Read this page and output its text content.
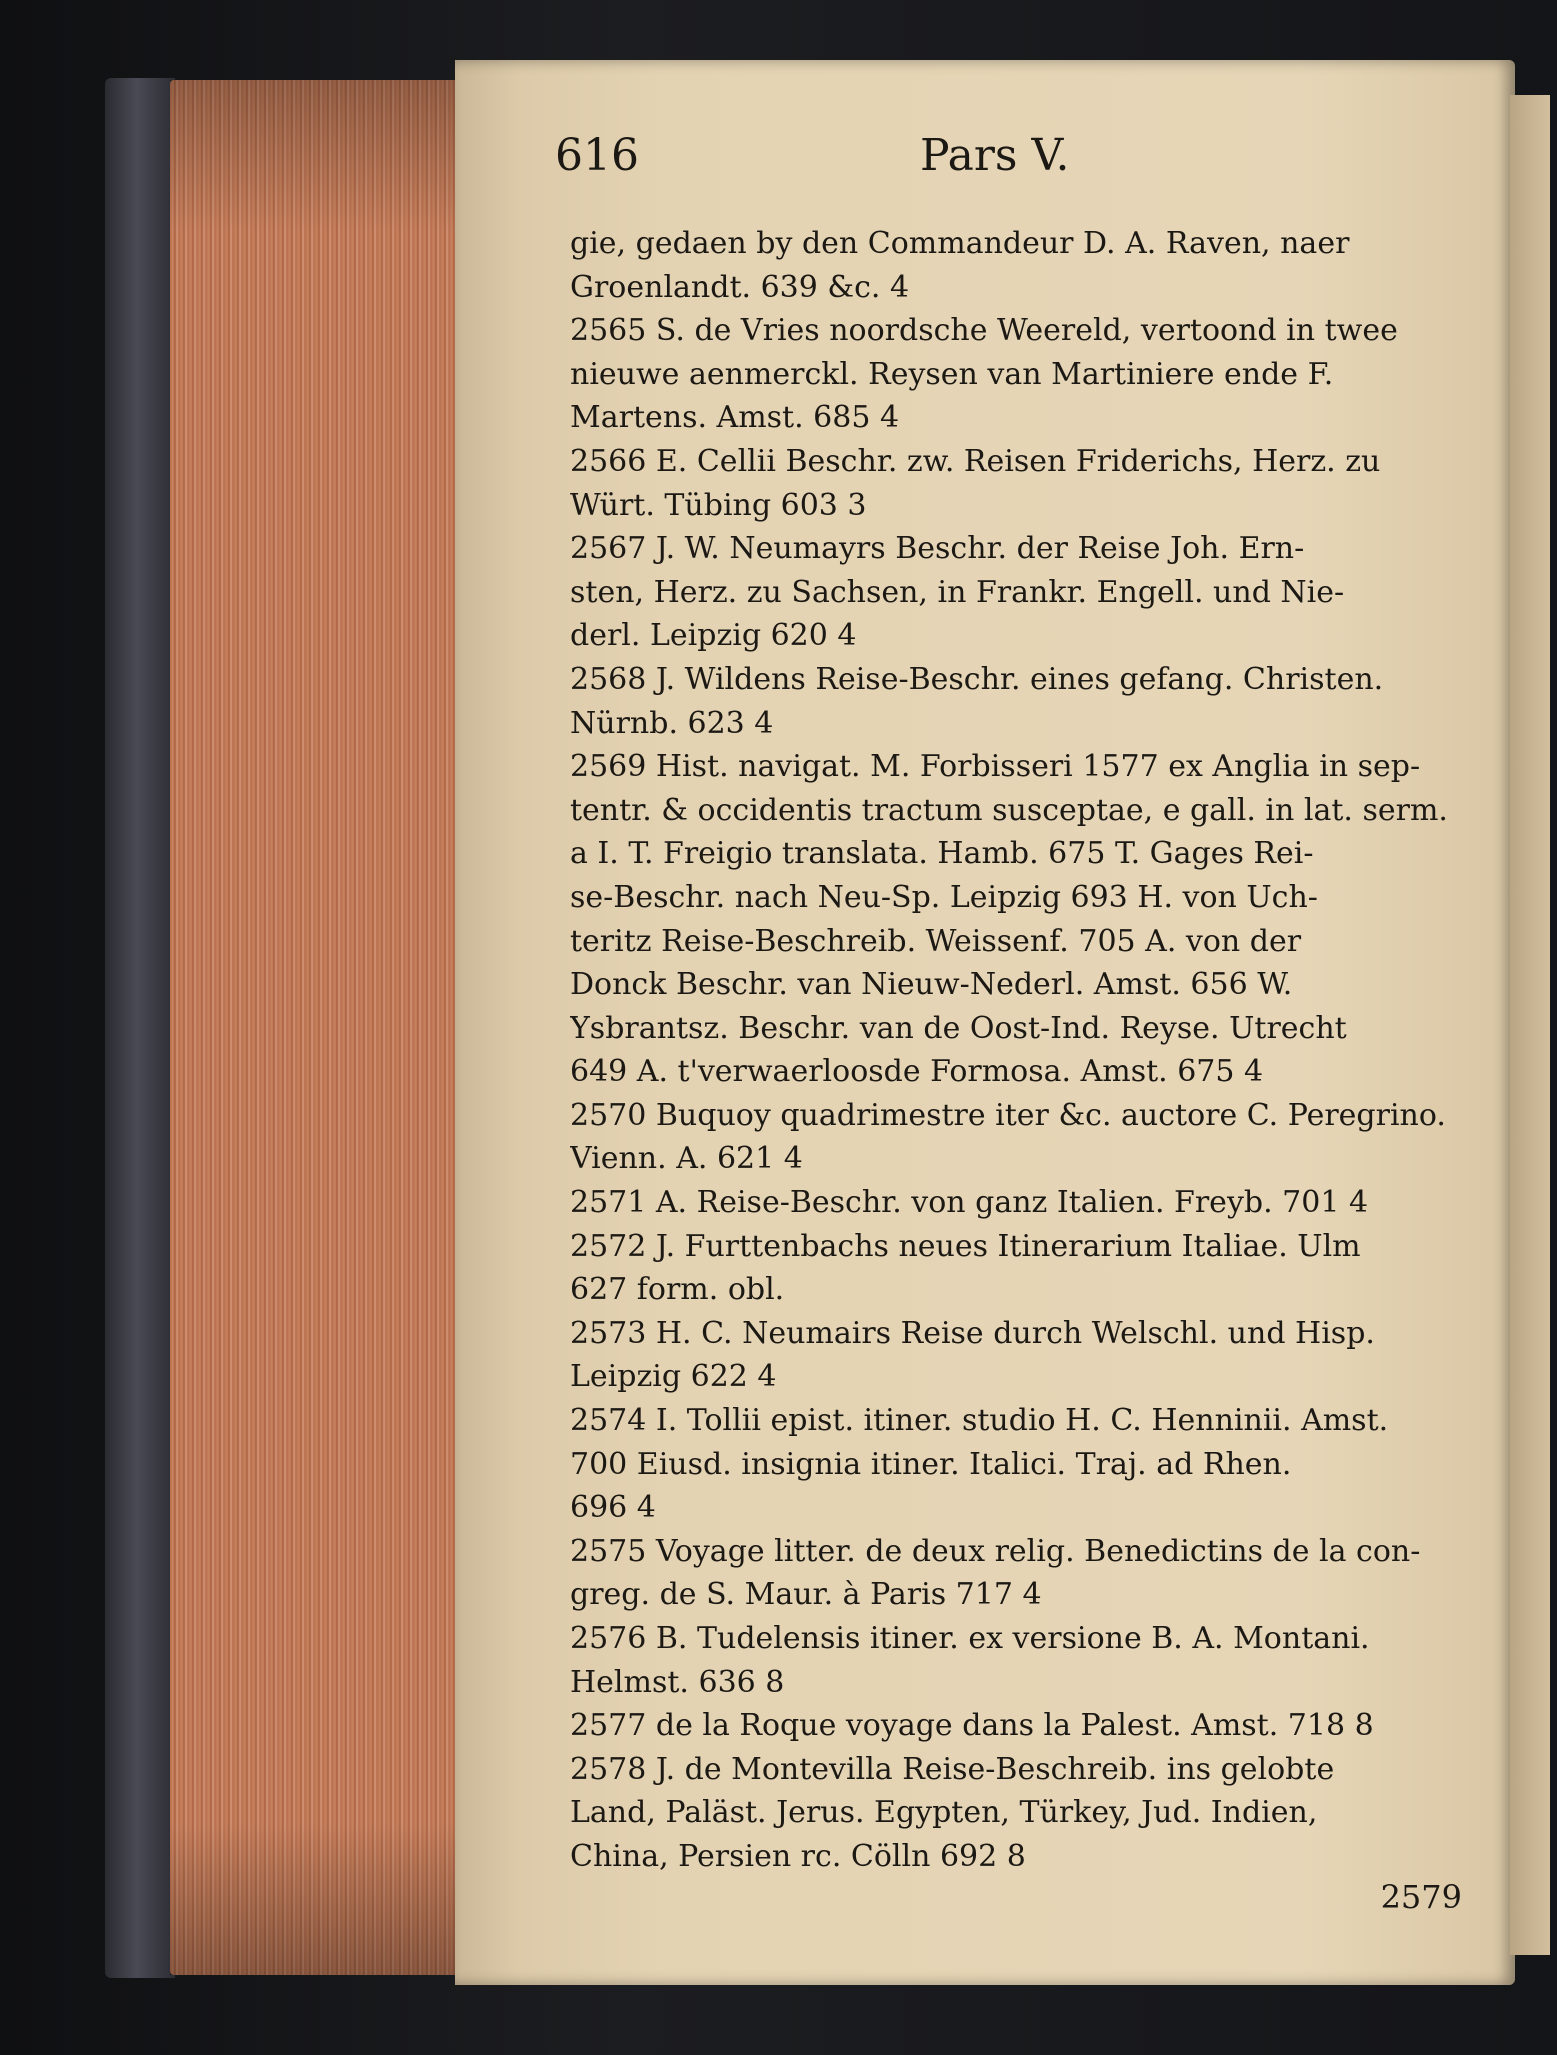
616	Pars V.
gie, gedaen by den Commandeur D. A. Raven, naer
Groenlandt. 639 &c. 4
2565 S. de Vries noordsche Weereld, vertoond in twee
nieuwe aenmerckl. Reysen van Martiniere ende F.
Martens. Amst. 685 4
2566 E. Cellii Beschr. zw. Reisen Friderichs, Herz. zu
Würt. Tübing 603 3
2567 J. W. Neumayrs Beschr. der Reise Joh. Ern-
sten, Herz. zu Sachsen, in Frankr. Engell. und Nie-
derl. Leipzig 620 4
2568 J. Wildens Reise-Beschr. eines gefang. Christen.
Nürnb. 623 4
2569 Hist. navigat. M. Forbisseri 1577 ex Anglia in sep-
tentr. & occidentis tractum susceptae, e gall. in lat. serm.
a I. T. Freigio translata. Hamb. 675 T. Gages Rei-
se-Beschr. nach Neu-Sp. Leipzig 693 H. von Uch-
teritz Reise-Beschreib. Weissenf. 705 A. von der
Donck Beschr. van Nieuw-Nederl. Amst. 656 W.
Ysbrantsz. Beschr. van de Oost-Ind. Reyse. Utrecht
649 A. t'verwaerloosde Formosa. Amst. 675 4
2570 Buquoy quadrimestre iter &c. auctore C. Peregrino.
Vienn. A. 621 4
2571 A. Reise-Beschr. von ganz Italien. Freyb. 701 4
2572 J. Furttenbachs neues Itinerarium Italiae. Ulm
627 form. obl.
2573 H. C. Neumairs Reise durch Welschl. und Hisp.
Leipzig 622 4
2574 I. Tollii epist. itiner. studio H. C. Henninii. Amst.
700 Eiusd. insignia itiner. Italici. Traj. ad Rhen.
696 4
2575 Voyage litter. de deux relig. Benedictins de la con-
greg. de S. Maur. à Paris 717 4
2576 B. Tudelensis itiner. ex versione B. A. Montani.
Helmst. 636 8
2577 de la Roque voyage dans la Palest. Amst. 718 8
2578 J. de Montevilla Reise-Beschreib. ins gelobte
Land, Paläst. Jerus. Egypten, Türkey, Jud. Indien,
China, Persien rc. Cölln 692 8
2579
